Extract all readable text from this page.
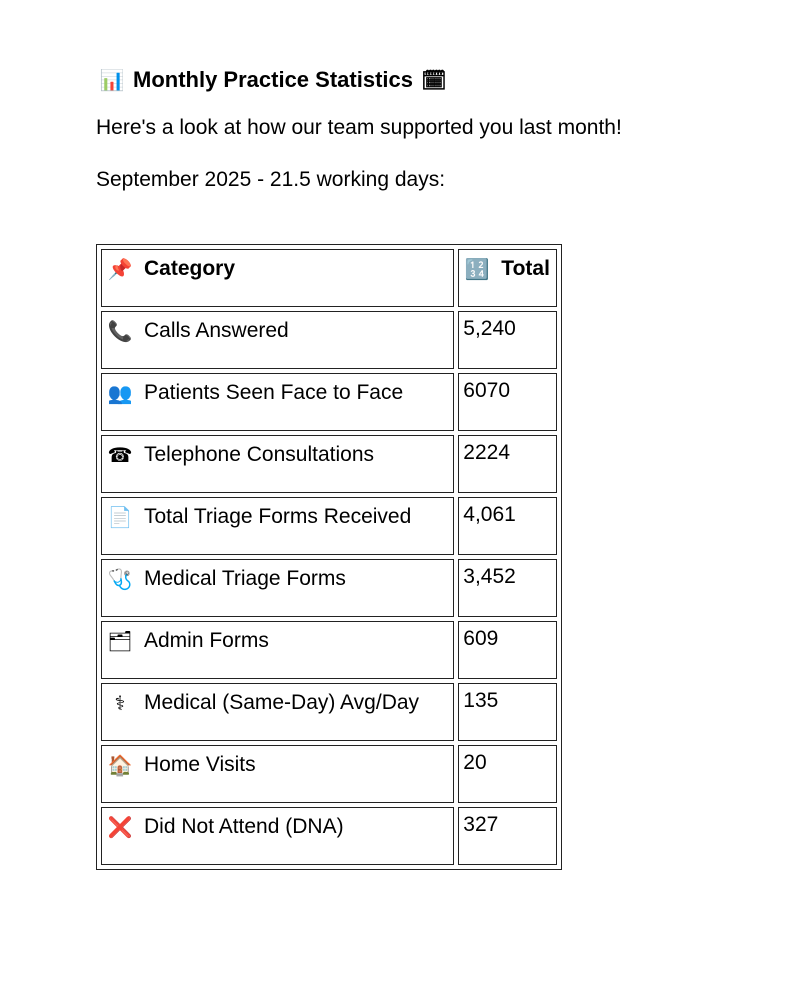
📊 Monthly Practice Statistics 🗓

Here's a look at how our team supported you last month!

September 2025 - 21.5 working days:

📌 Category	🔢 Total

📞 Calls Answered	5,240

👥 Patients Seen Face to Face	6070

☎ Telephone Consultations	2224

📄 Total Triage Forms Received	4,061

🩺 Medical Triage Forms	3,452

🗂 Admin Forms	609

⚕ Medical (Same-Day) Avg/Day	135

🏠 Home Visits	20

❌ Did Not Attend (DNA)	327
